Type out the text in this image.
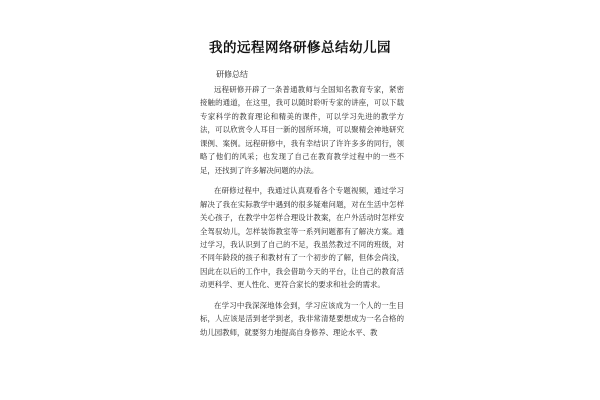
我的远程网络研修总结幼儿园
研修总结

远程研修开辟了一条普通教师与全国知名教育专家，紧密接触的通道，在这里，我可以随时聆听专家的讲座，可以下载专家科学的教育理论和精美的课件，可以学习先进的教学方法，可以欣赏令人耳目一新的园所环境，可以聚精会神地研究课例、案例。远程研修中，我有幸结识了许许多多的同行，领略了他们的风采；也发现了自己在教育教学过程中的一些不足，还找到了许多解决问题的办法。

在研修过程中，我通过认真观看各个专题视频，通过学习解决了我在实际教学中遇到的很多疑难问题，对在生活中怎样关心孩子，在教学中怎样合理设计教案，在户外活动时怎样安全驾驭幼儿，怎样装饰教室等一系列问题都有了解决方案。通过学习，我认识到了自己的不足，我虽然教过不同的班级，对不同年龄段的孩子和教材有了一个初步的了解，但体会尚浅，因此在以后的工作中，我会借助今天的平台，让自己的教育活动更科学、更人性化、更符合家长的要求和社会的需求。

在学习中我深深地体会到，学习应该成为一个人的一生目标，人应该是活到老学到老，我非常清楚要想成为一名合格的幼儿园教师，就要努力地提高自身修养、理论水平、教
